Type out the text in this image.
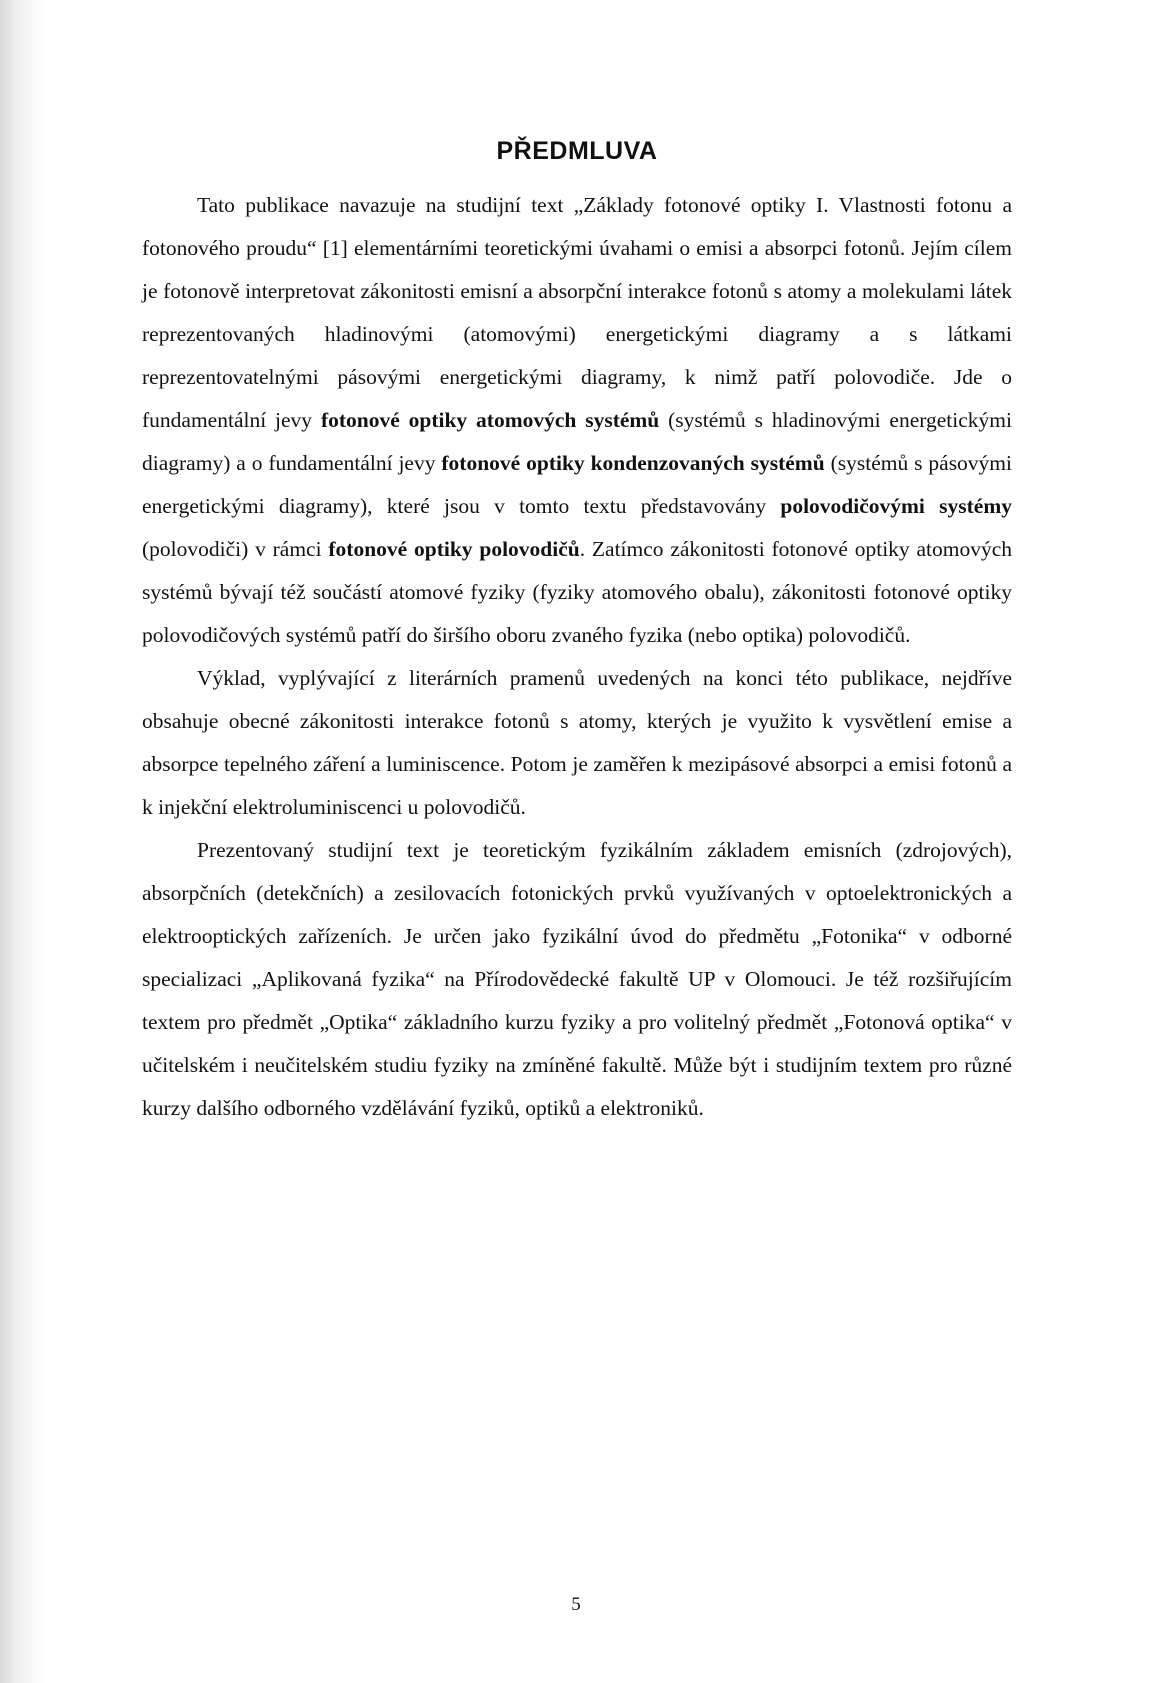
PŘEDMLUVA

Tato publikace navazuje na studijní text „Základy fotonové optiky I. Vlastnosti fotonu a fotonového proudu“ [1] elementárními teoretickými úvahami o emisi a absorpci fotonů. Jejím cílem je fotonově interpretovat zákonitosti emisní a absorpční interakce fotonů s atomy a molekulami látek reprezentovaných hladinovými (atomovými) energetickými diagramy a s látkami reprezentovatelnými pásovými energetickými diagramy, k nimž patří polovodiče. Jde o fundamentální jevy fotonové optiky atomových systémů (systémů s hladinovými energetickými diagramy) a o fundamentální jevy fotonové optiky kondenzovaných systémů (systémů s pásovými energetickými diagramy), které jsou v tomto textu představovány polovodičovými systémy (polovodiči) v rámci fotonové optiky polovodičů. Zatímco zákonitosti fotonové optiky atomových systémů bývají též součástí atomové fyziky (fyziky atomového obalu), zákonitosti fotonové optiky polovodičových systémů patří do širšího oboru zvaného fyzika (nebo optika) polovodičů.

Výklad, vyplývající z literárních pramenů uvedených na konci této publikace, nejdříve obsahuje obecné zákonitosti interakce fotonů s atomy, kterých je využito k vysvětlení emise a absorpce tepelného záření a luminiscence. Potom je zaměřen k mezipásové absorpci a emisi fotonů a k injekční elektroluminiscenci u polovodičů.

Prezentovaný studijní text je teoretickým fyzikálním základem emisních (zdrojových), absorpčních (detekčních) a zesilovacích fotonických prvků využívaných v optoelektronických a elektrooptických zařízeních. Je určen jako fyzikální úvod do předmětu „Fotonika“ v odborné specializaci „Aplikovaná fyzika“ na Přírodovědecké fakultě UP v Olomouci. Je též rozšiřujícím textem pro předmět „Optika“ základního kurzu fyziky a pro volitelný předmět „Fotonová optika“ v učitelském i neučitelském studiu fyziky na zmíněné fakultě. Může být i studijním textem pro různé kurzy dalšího odborného vzdělávání fyziků, optiků a elektroniků.

5
